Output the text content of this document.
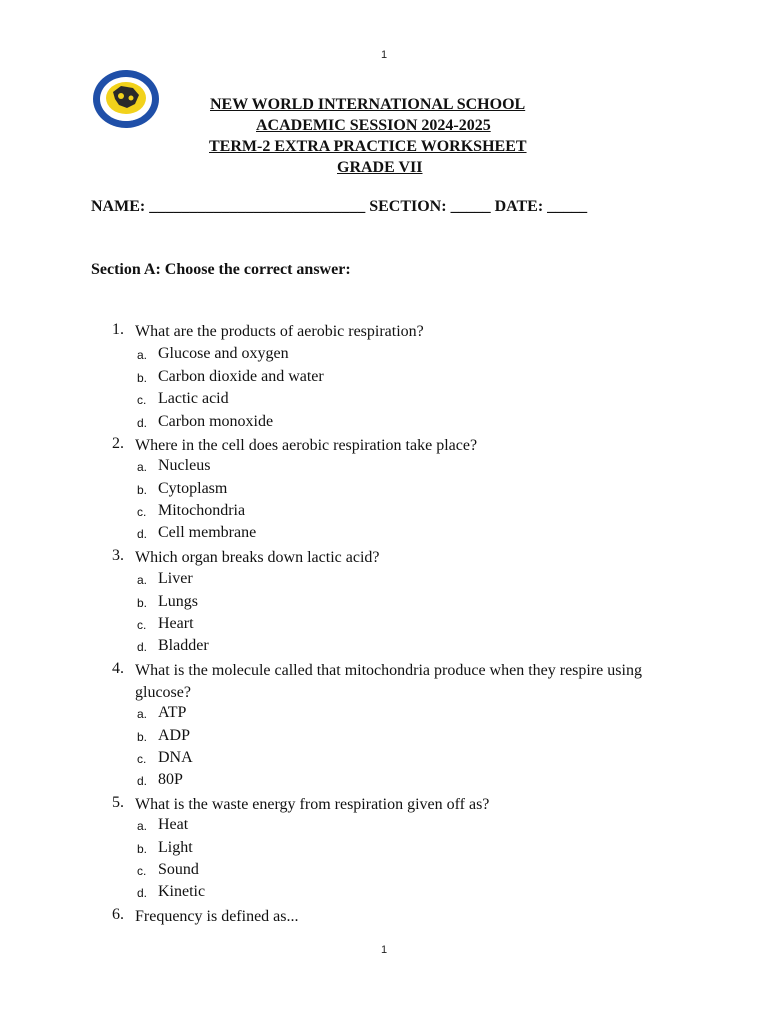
1
NEW WORLD INTERNATIONAL SCHOOL
ACADEMIC SESSION 2024-2025
TERM-2 EXTRA PRACTICE WORKSHEET
GRADE VII
NAME: ___________________________ SECTION: _____ DATE: _____
Section A: Choose the correct answer:
1. What are the products of aerobic respiration?
a. Glucose and oxygen
b. Carbon dioxide and water
c. Lactic acid
d. Carbon monoxide
2. Where in the cell does aerobic respiration take place?
a. Nucleus
b. Cytoplasm
c. Mitochondria
d. Cell membrane
3. Which organ breaks down lactic acid?
a. Liver
b. Lungs
c. Heart
d. Bladder
4. What is the molecule called that mitochondria produce when they respire using glucose?
a. ATP
b. ADP
c. DNA
d. 80P
5. What is the waste energy from respiration given off as?
a. Heat
b. Light
c. Sound
d. Kinetic
6. Frequency is defined as...
1
